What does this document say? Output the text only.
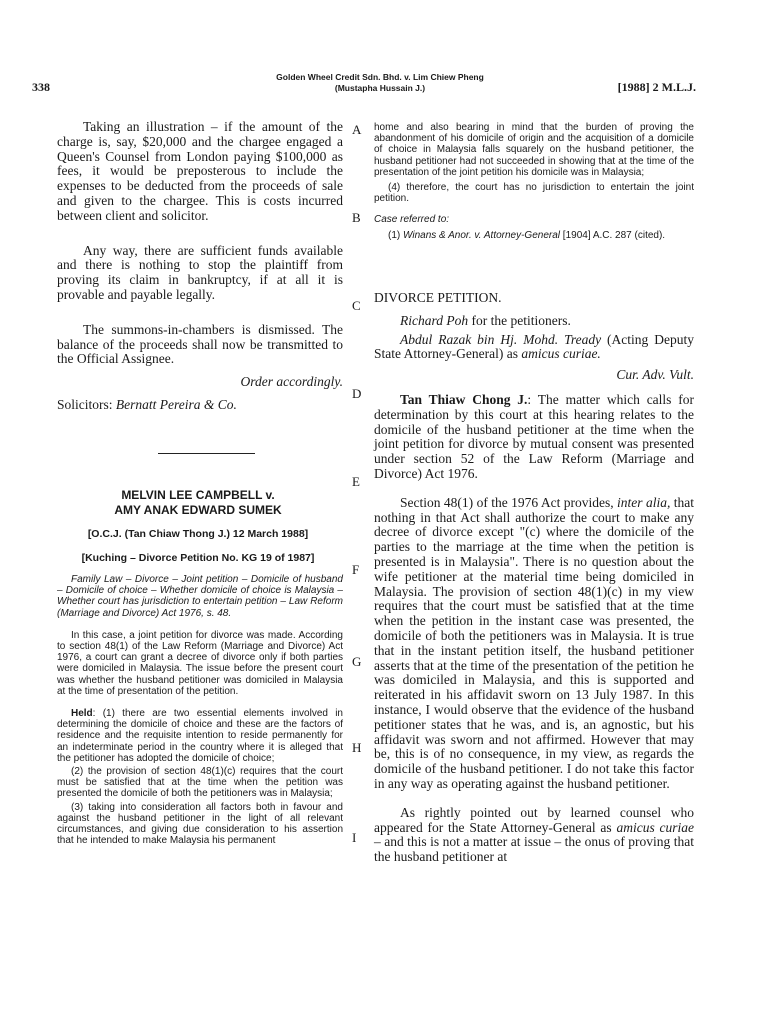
338
Golden Wheel Credit Sdn. Bhd. v. Lim Chiew Pheng
(Mustapha Hussain J.)	[1988] 2 M.L.J.

Taking an illustration – if the amount of the charge is, say, $20,000 and the chargee engaged a Queen's Counsel from London paying $100,000 as fees, it would be preposterous to include the expenses to be deducted from the proceeds of sale and given to the chargee. This is costs incurred between client and solicitor.

Any way, there are sufficient funds available and there is nothing to stop the plaintiff from proving its claim in bankruptcy, if at all it is provable and payable legally.

The summons-in-chambers is dismissed. The balance of the proceeds shall now be transmitted to the Official Assignee.

Order accordingly.

Solicitors: Bernatt Pereira & Co.

MELVIN LEE CAMPBELL v.
AMY ANAK EDWARD SUMEK
[O.C.J. (Tan Chiaw Thong J.) 12 March 1988]
[Kuching – Divorce Petition No. KG 19 of 1987]

Family Law – Divorce – Joint petition – Domicile of husband – Domicile of choice – Whether domicile of choice is Malaysia – Whether court has jurisdiction to entertain petition – Law Reform (Marriage and Divorce) Act 1976, s. 48.

In this case, a joint petition for divorce was made. According to section 48(1) of the Law Reform (Marriage and Divorce) Act 1976, a court can grant a decree of divorce only if both parties were domiciled in Malaysia. The issue before the present court was whether the husband petitioner was domiciled in Malaysia at the time of presentation of the petition.

Held: (1) there are two essential elements involved in determining the domicile of choice and these are the factors of residence and the requisite intention to reside permanently for an indeterminate period in the country where it is alleged that the petitioner has adopted the domicile of choice;

(2) the provision of section 48(1)(c) requires that the court must be satisfied that at the time when the petition was presented the domicile of both the petitioners was in Malaysia;

(3) taking into consideration all factors both in favour and against the husband petitioner in the light of all relevant circumstances, and giving due consideration to his assertion that he intended to make Malaysia his permanent

A
B
C
D
E
F
G
H
I

home and also bearing in mind that the burden of proving the abandonment of his domicile of origin and the acquisition of a domicile of choice in Malaysia falls squarely on the husband petitioner, the husband petitioner had not succeeded in showing that at the time of the presentation of the joint petition his domicile was in Malaysia;

(4) therefore, the court has no jurisdiction to entertain the joint petition.

Case referred to:

(1) Winans & Anor. v. Attorney-General [1904] A.C. 287 (cited).

DIVORCE PETITION.

Richard Poh for the petitioners.

Abdul Razak bin Hj. Mohd. Tready (Acting Deputy State Attorney-General) as amicus curiae.

Cur. Adv. Vult.

Tan Thiaw Chong J.: The matter which calls for determination by this court at this hearing relates to the domicile of the husband petitioner at the time when the joint petition for divorce by mutual consent was presented under section 52 of the Law Reform (Marriage and Divorce) Act 1976.

Section 48(1) of the 1976 Act provides, inter alia, that nothing in that Act shall authorize the court to make any decree of divorce except "(c) where the domicile of the parties to the marriage at the time when the petition is presented is in Malaysia". There is no question about the wife petitioner at the material time being domiciled in Malaysia. The provision of section 48(1)(c) in my view requires that the court must be satisfied that at the time when the petition in the instant case was presented, the domicile of both the petitioners was in Malaysia. It is true that in the instant petition itself, the husband petitioner asserts that at the time of the presentation of the petition he was domiciled in Malaysia, and this is supported and reiterated in his affidavit sworn on 13 July 1987. In this instance, I would observe that the evidence of the husband petitioner states that he was, and is, an agnostic, but his affidavit was sworn and not affirmed. However that may be, this is of no consequence, in my view, as regards the domicile of the husband petitioner. I do not take this factor in any way as operating against the husband petitioner.

As rightly pointed out by learned counsel who appeared for the State Attorney-General as amicus curiae – and this is not a matter at issue – the onus of proving that the husband petitioner at
